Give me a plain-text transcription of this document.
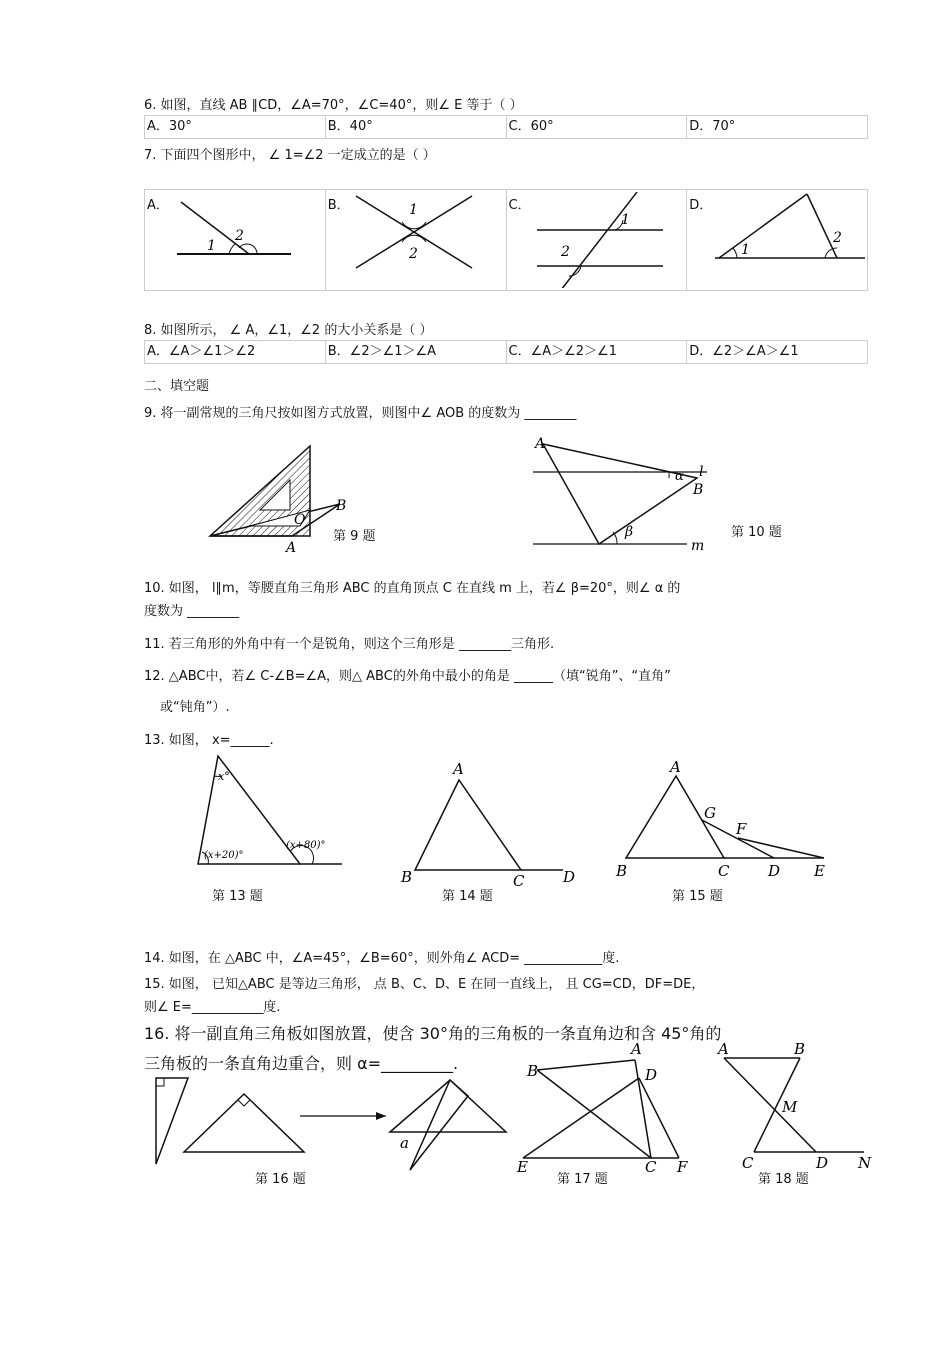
6. 如图，直线 AB ∥CD，∠A=70°，∠C=40°，则∠ E 等于（ ）
A．30°	B．40°	C．60°	D．70°
7. 下面四个图形中， ∠ 1=∠2 一定成立的是（ ）
A．
1
2
B．	1
2
C．
1
2
D．
1
2
8. 如图所示， ∠ A，∠1，∠2 的大小关系是（ ）
A．∠A＞∠1＞∠2	B．∠2＞∠1＞∠A	C．∠A＞∠2＞∠1	D．∠2＞∠A＞∠1
二、填空题
9. 将一副常规的三角尺按如图方式放置，则图中∠ AOB 的度数为 ________
B
O
A
第 9 题
A
α l
B
β
m
第 10 题
10. 如图， l∥m，等腰直角三角形 ABC 的直角顶点 C 在直线 m 上，若∠ β=20°，则∠ α 的
度数为 ________
11. 若三角形的外角中有一个是锐角，则这个三角形是 ________三角形.
12. △ABC中，若∠ C-∠B=∠A，则△ ABC的外角中最小的角是 ______（填“锐角”、“直角”
或“钝角”）.
13. 如图， x=______.
x°
(x+20)°
(x+80)°
第 13 题
A
B	C	D
第 14 题
A
G
F
B	C	D E
第 15 题
14. 如图，在 △ABC 中，∠A=45°，∠B=60°，则外角∠ ACD= ____________度.
15. 如图， 已知△ABC 是等边三角形， 点 B、C、D、E 在同一直线上， 且 CG=CD，DF=DE，
则∠ E=___________度.
16. 将一副直角三角板如图放置，使含 30°角的三角板的一条直角边和含 45°角的
三角板的一条直角边重合，则 α=_________.
a
第 16 题
B
A
D
E	C F
第 17 题
A	B
M
C	D N
第 18 题
